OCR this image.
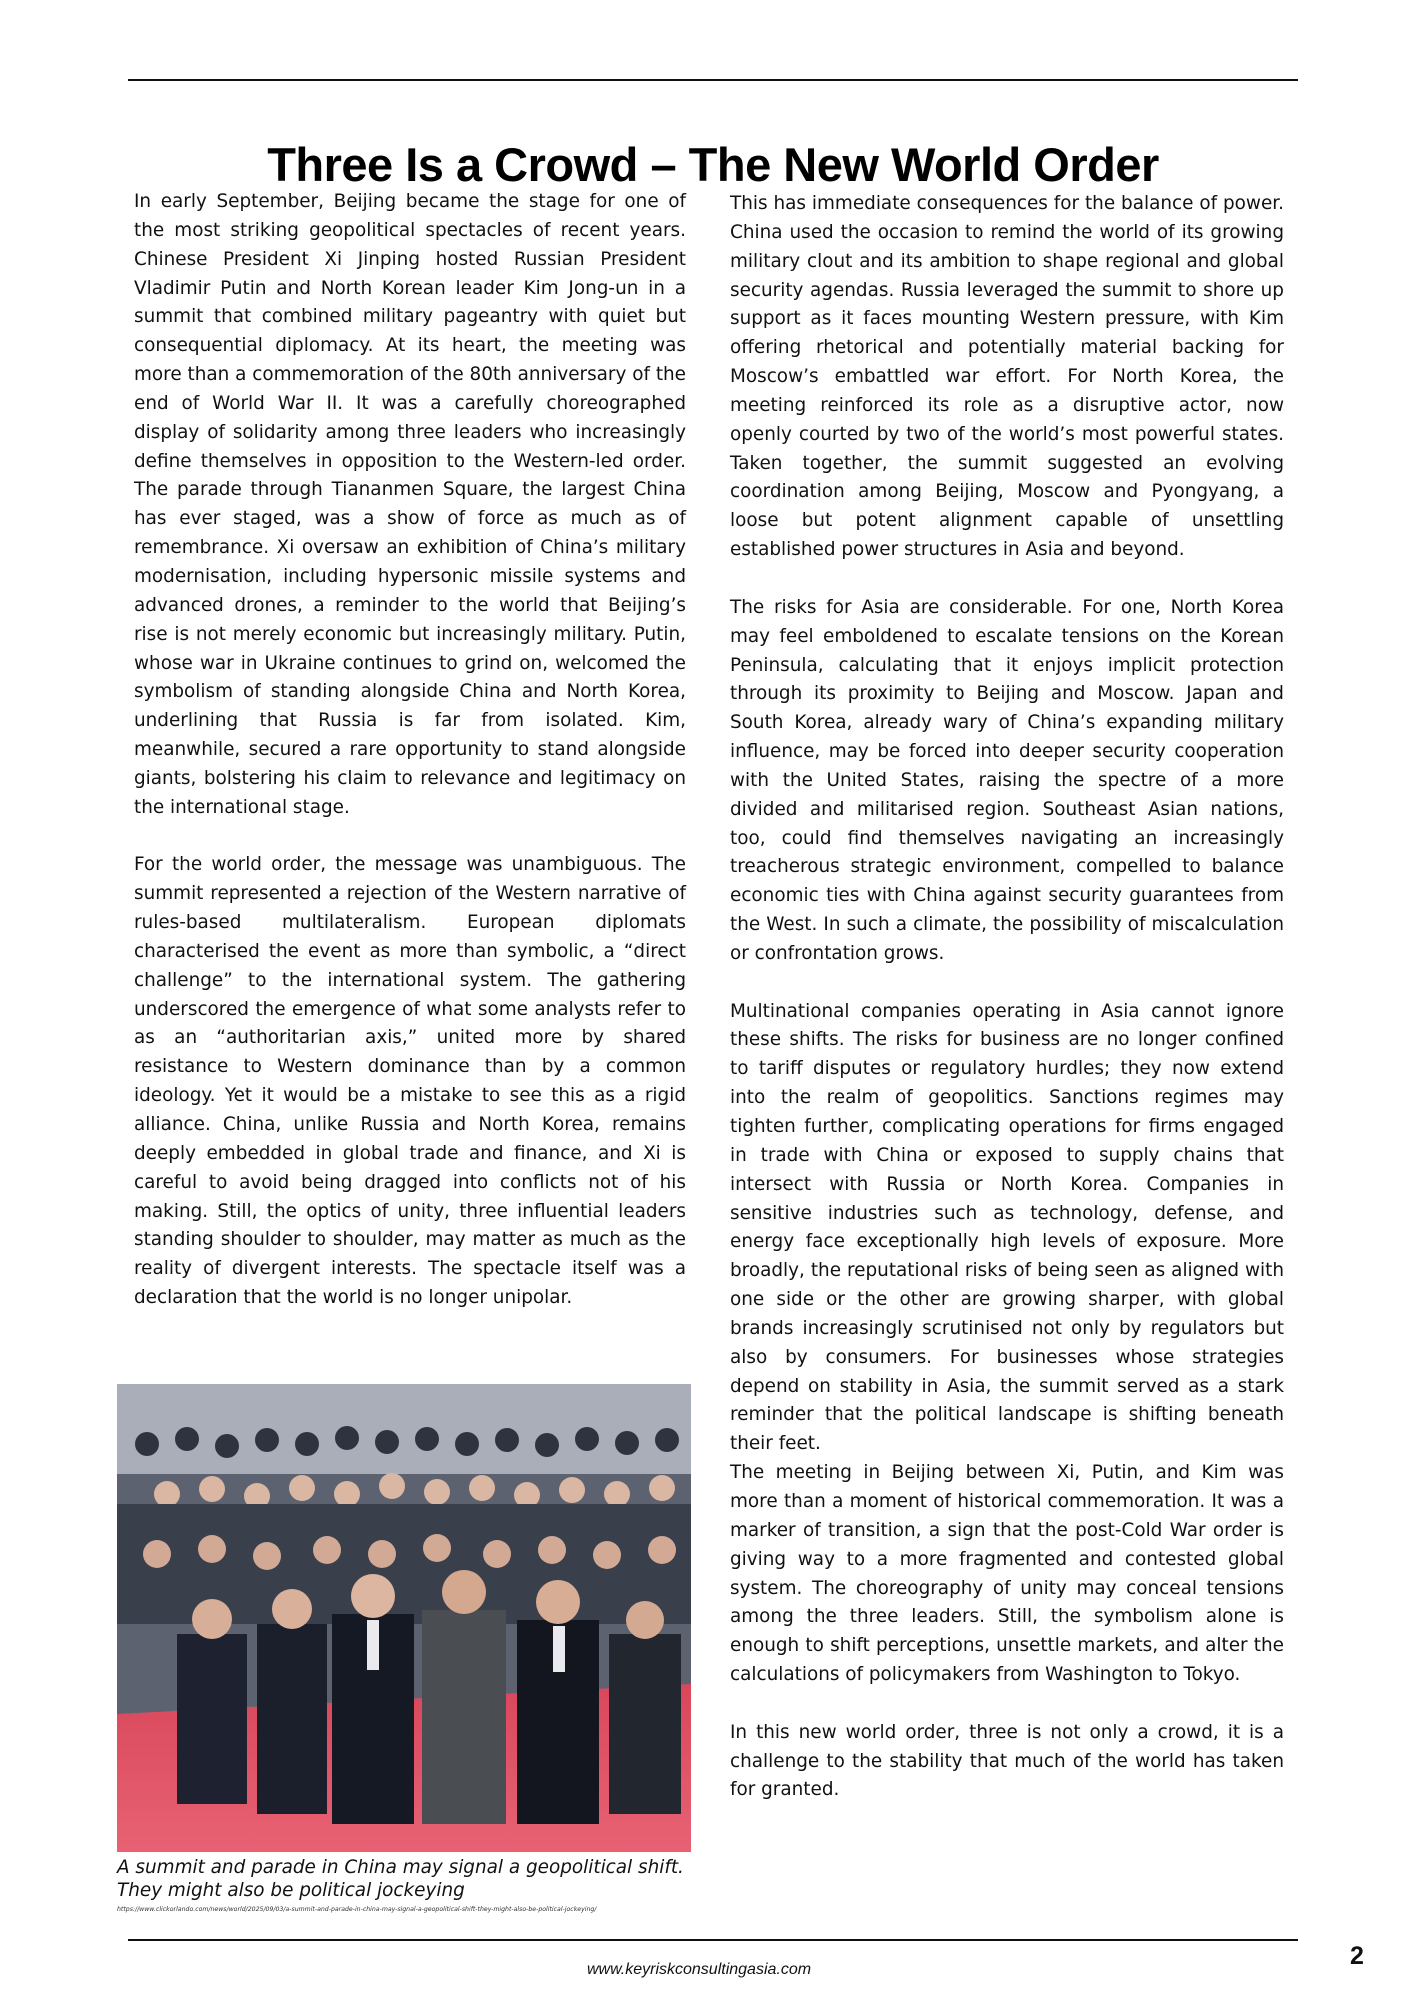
Three Is a Crowd – The New World Order

In early September, Beijing became the stage for one of the most striking geopolitical spectacles of recent years. Chinese President Xi Jinping hosted Russian President Vladimir Putin and North Korean leader Kim Jong-un in a summit that combined military pageantry with quiet but consequential diplomacy. At its heart, the meeting was more than a commemoration of the 80th anniversary of the end of World War II. It was a carefully choreographed display of solidarity among three leaders who increasingly define themselves in opposition to the Western-led order. The parade through Tiananmen Square, the largest China has ever staged, was a show of force as much as of remembrance. Xi oversaw an exhibition of China’s military modernisation, including hypersonic missile systems and advanced drones, a reminder to the world that Beijing’s rise is not merely economic but increasingly military. Putin, whose war in Ukraine continues to grind on, welcomed the symbolism of standing alongside China and North Korea, underlining that Russia is far from isolated. Kim, meanwhile, secured a rare opportunity to stand alongside giants, bolstering his claim to relevance and legitimacy on the international stage.

For the world order, the message was unambiguous. The summit represented a rejection of the Western narrative of rules-based multilateralism. European diplomats characterised the event as more than symbolic, a “direct challenge” to the international system. The gathering underscored the emergence of what some analysts refer to as an “authoritarian axis,” united more by shared resistance to Western dominance than by a common ideology. Yet it would be a mistake to see this as a rigid alliance. China, unlike Russia and North Korea, remains deeply embedded in global trade and finance, and Xi is careful to avoid being dragged into conflicts not of his making. Still, the optics of unity, three influential leaders standing shoulder to shoulder, may matter as much as the reality of divergent interests. The spectacle itself was a declaration that the world is no longer unipolar.

This has immediate consequences for the balance of power. China used the occasion to remind the world of its growing military clout and its ambition to shape regional and global security agendas. Russia leveraged the summit to shore up support as it faces mounting Western pressure, with Kim offering rhetorical and potentially material backing for Moscow’s embattled war effort. For North Korea, the meeting reinforced its role as a disruptive actor, now openly courted by two of the world’s most powerful states. Taken together, the summit suggested an evolving coordination among Beijing, Moscow and Pyongyang, a loose but potent alignment capable of unsettling established power structures in Asia and beyond.

The risks for Asia are considerable. For one, North Korea may feel emboldened to escalate tensions on the Korean Peninsula, calculating that it enjoys implicit protection through its proximity to Beijing and Moscow. Japan and South Korea, already wary of China’s expanding military influence, may be forced into deeper security cooperation with the United States, raising the spectre of a more divided and militarised region. Southeast Asian nations, too, could find themselves navigating an increasingly treacherous strategic environment, compelled to balance economic ties with China against security guarantees from the West. In such a climate, the possibility of miscalculation or confrontation grows.

Multinational companies operating in Asia cannot ignore these shifts. The risks for business are no longer confined to tariff disputes or regulatory hurdles; they now extend into the realm of geopolitics. Sanctions regimes may tighten further, complicating operations for firms engaged in trade with China or exposed to supply chains that intersect with Russia or North Korea. Companies in sensitive industries such as technology, defense, and energy face exceptionally high levels of exposure. More broadly, the reputational risks of being seen as aligned with one side or the other are growing sharper, with global brands increasingly scrutinised not only by regulators but also by consumers. For businesses whose strategies depend on stability in Asia, the summit served as a stark reminder that the political landscape is shifting beneath their feet.

The meeting in Beijing between Xi, Putin, and Kim was more than a moment of historical commemoration. It was a marker of transition, a sign that the post-Cold War order is giving way to a more fragmented and contested global system. The choreography of unity may conceal tensions among the three leaders. Still, the symbolism alone is enough to shift perceptions, unsettle markets, and alter the calculations of policymakers from Washington to Tokyo.

In this new world order, three is not only a crowd, it is a challenge to the stability that much of the world has taken for granted.

A summit and parade in China may signal a geopolitical shift. They might also be political jockeying
https://www.clickorlando.com/news/world/2025/09/03/a-summit-and-parade-in-china-may-signal-a-geopolitical-shift-they-might-also-be-political-jockeying/
www.keyriskconsultingasia.com	2
